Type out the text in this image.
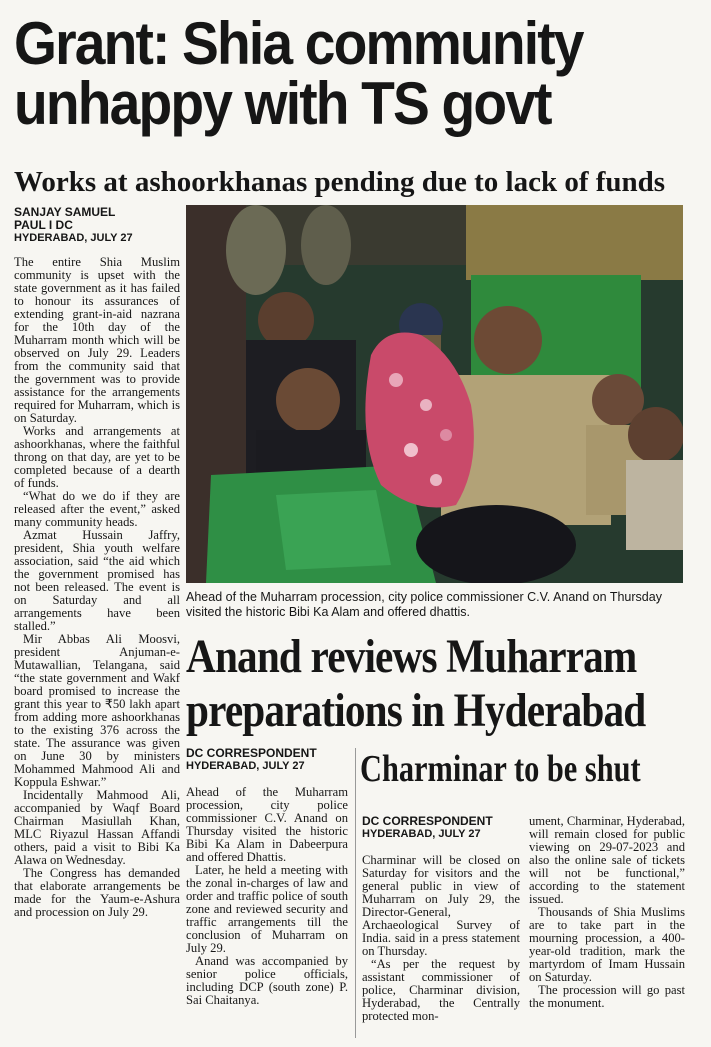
Grant: Shia community
unhappy with TS govt
Works at ashoorkhanas pending due to lack of funds
SANJAY SAMUEL
PAUL I DC
HYDERABAD, JULY 27

The entire Shia Muslim community is upset with the state government as it has failed to honour its assurances of extending grant-in-aid nazrana for the 10th day of the Muharram month which will be observed on July 29. Leaders from the community said that the government was to provide assistance for the arrangements required for Muharram, which is on Saturday.

Works and arrangements at ashoorkhanas, where the faithful throng on that day, are yet to be completed because of a dearth of funds.

“What do we do if they are released after the event,” asked many community heads.

Azmat Hussain Jaffry, president, Shia youth welfare association, said “the aid which the government promised has not been released. The event is on Saturday and all arrangements have been stalled.”

Mir Abbas Ali Moosvi, president Anjuman-e-Mutawallian, Telangana, said “the state government and Wakf board promised to increase the grant this year to ₹50 lakh apart from adding more ashoorkhanas to the existing 376 across the state. The assurance was given on June 30 by ministers Mohammed Mahmood Ali and Koppula Eshwar.”

Incidentally Mahmood Ali, accompanied by Waqf Board Chairman Masiullah Khan, MLC Riyazul Hassan Affandi others, paid a visit to Bibi Ka Alawa on Wednesday.

The Congress has demanded that elaborate arrangements be made for the Yaum-e-Ashura and procession on July 29.

Ahead of the Muharram procession, city police commissioner C.V. Anand on Thursday visited the historic Bibi Ka Alam and offered dhattis.

Anand reviews Muharram
preparations in Hyderabad
DC CORRESPONDENT
HYDERABAD, JULY 27

Ahead of the Muharram procession, city police commissioner C.V. Anand on Thursday visited the historic Bibi Ka Alam in Dabeerpura and offered Dhattis.

Later, he held a meeting with the zonal in-charges of law and order and traffic police of south zone and reviewed security and traffic arrangements till the conclusion of Muharram on July 29.

Anand was accompanied by senior police officials, including DCP (south zone) P. Sai Chaitanya.

Charminar to be shut
DC CORRESPONDENT
HYDERABAD, JULY 27

Charminar will be closed on Saturday for visitors and the general public in view of Muharram on July 29, the Director-General, Archaeological Survey of India. said in a press statement on Thursday.

“As per the request by assistant commissioner of police, Charminar division, Hyderabad, the Centrally protected mon-

ument, Charminar, Hyderabad, will remain closed for public viewing on 29-07-2023 and also the online sale of tickets will not be functional,” according to the statement issued.

Thousands of Shia Muslims are to take part in the mourning procession, a 400-year-old tradition, mark the martyrdom of Imam Hussain on Saturday.

The procession will go past the monument.
